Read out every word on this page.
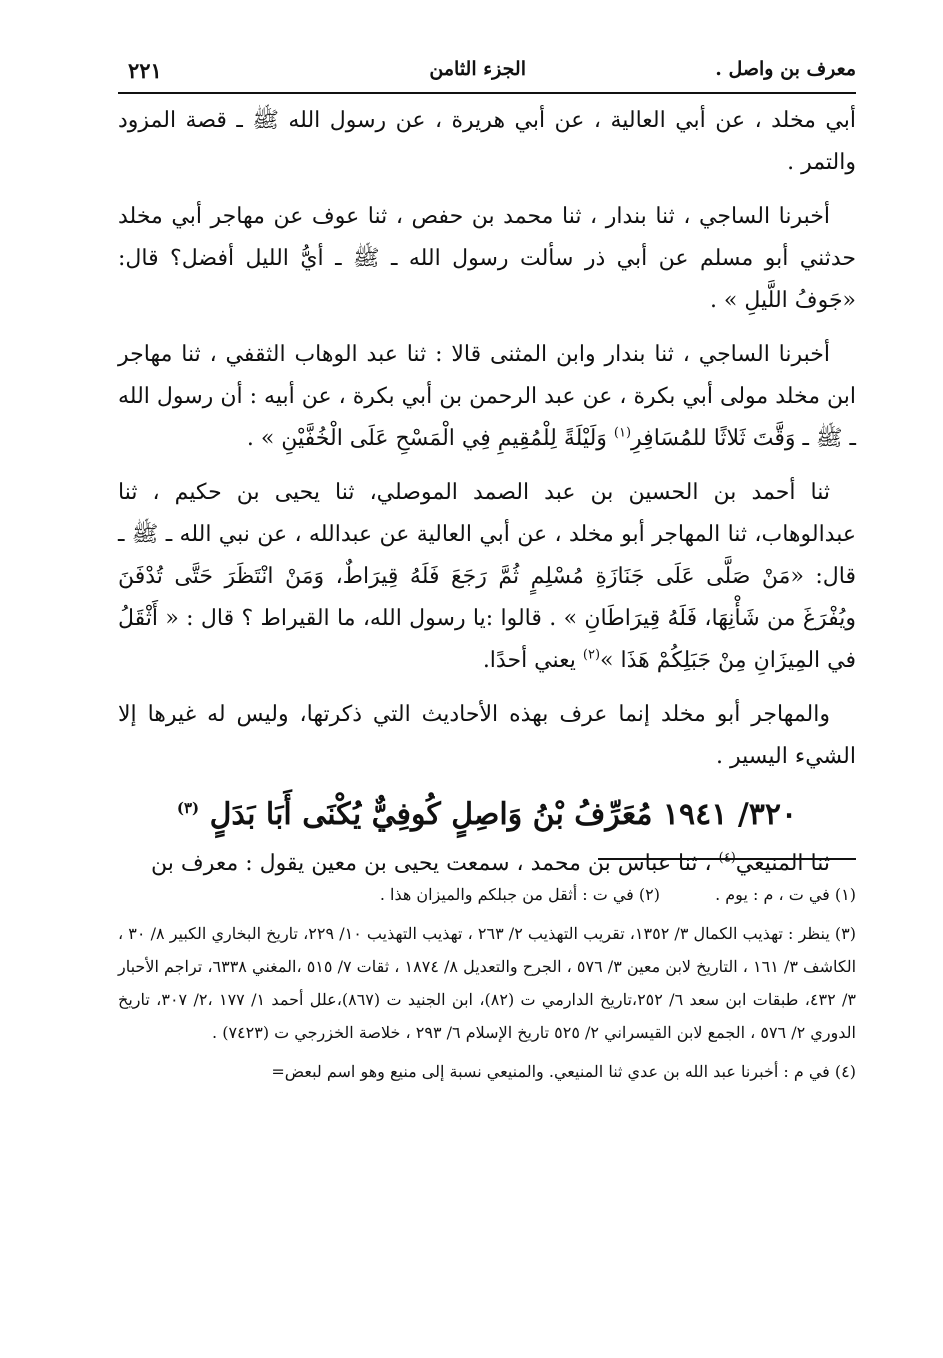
معرف بن واصل .
الجزء الثامن
٢٢١

أبي مخلد ، عن أبي العالية ، عن أبي هريرة ، عن رسول الله ﷺ ـ قصة المزود والتمر .

أخبرنا الساجي ، ثنا بندار ، ثنا محمد بن حفص ، ثنا عوف عن مهاجر أبي مخلد حدثني أبو مسلم عن أبي ذر سألت رسول الله ـ ﷺ ـ أيُّ الليل أفضل؟ قال: «جَوفُ اللَّيلِ » .

أخبرنا الساجي ، ثنا بندار وابن المثنى قالا : ثنا عبد الوهاب الثقفي ، ثنا مهاجر ابن مخلد مولى أبي بكرة ، عن عبد الرحمن بن أبي بكرة ، عن أبيه : أن رسول الله ـ ﷺ ـ وَقَّتَ ثَلاثًا للمُسَافِرِ$^{(١)}$ وَلَيْلَةً لِلْمُقِيمِ فِي الْمَسْحِ عَلَى الْخُفَّيْنِ » .

ثنا أحمد بن الحسين بن عبد الصمد الموصلي، ثنا يحيى بن حكيم ، ثنا عبدالوهاب، ثنا المهاجر أبو مخلد ، عن أبي العالية عن عبدالله ، عن نبي الله ـ ﷺ ـ قال: «مَنْ صَلَّى عَلَى جَنَازَةِ مُسْلِمٍ ثُمَّ رَجَعَ فَلَهُ قِيرَاطٌ، وَمَنْ انْتَظَرَ حَتَّى تُدْفَنَ ويُفْرَغَ من شَأْنِهَا، فَلَهُ قِيرَاطَانِ » . قالوا :يا رسول الله، ما القيراط ؟ قال : « أَثْقَلُ في المِيزَانِ مِنْ جَبَلِكُمْ هَذَا »$^{(٢)}$ يعني أحدًا.

والمهاجر أبو مخلد إنما عرف بهذه الأحاديث التي ذكرتها، وليس له غيرها إلا الشيء اليسير .

٣٢٠/ ١٩٤١ مُعَرِّفُ بْنُ وَاصِلٍ كُوفِيٌّ يُكْنَى أَبَا بَدَلٍ $^{(٣)}$

ثنا المنيعي$^{(٤)}$ ، ثنا عباس بن محمد ، سمعت يحيى بن معين يقول : معرف بن

(١) في ت ، م : يوم . (٢) في ت : أثقل من جبلكم والميزان هذا .

(٣) ينظر : تهذيب الكمال ٣/ ١٣٥٢، تقريب التهذيب ٢/ ٢٦٣ ، تهذيب التهذيب ١٠/ ٢٢٩، تاريخ البخاري الكبير ٨/ ٣٠ ، الكاشف ٣/ ١٦١ ، التاريخ لابن معين ٣/ ٥٧٦ ، الجرح والتعديل ٨/ ١٨٧٤ ، ثقات ٧/ ٥١٥ ،المغني ٦٣٣٨، تراجم الأحبار ٣/ ٤٣٢، طبقات ابن سعد ٦/ ٢٥٢،تاريخ الدارمي ت (٨٢)، ابن الجنيد ت (٨٦٧)،علل أحمد ١/ ١٧٧ ،٢/ ٣٠٧، تاريخ الدوري ٢/ ٥٧٦ ، الجمع لابن القيسراني ٢/ ٥٢٥ تاريخ الإسلام ٦/ ٢٩٣ ، خلاصة الخزرجي ت (٧٤٢٣) .

(٤) في م : أخبرنا عبد الله بن عدي ثنا المنيعي. والمنيعي نسبة إلى منيع وهو اسم لبعض=
